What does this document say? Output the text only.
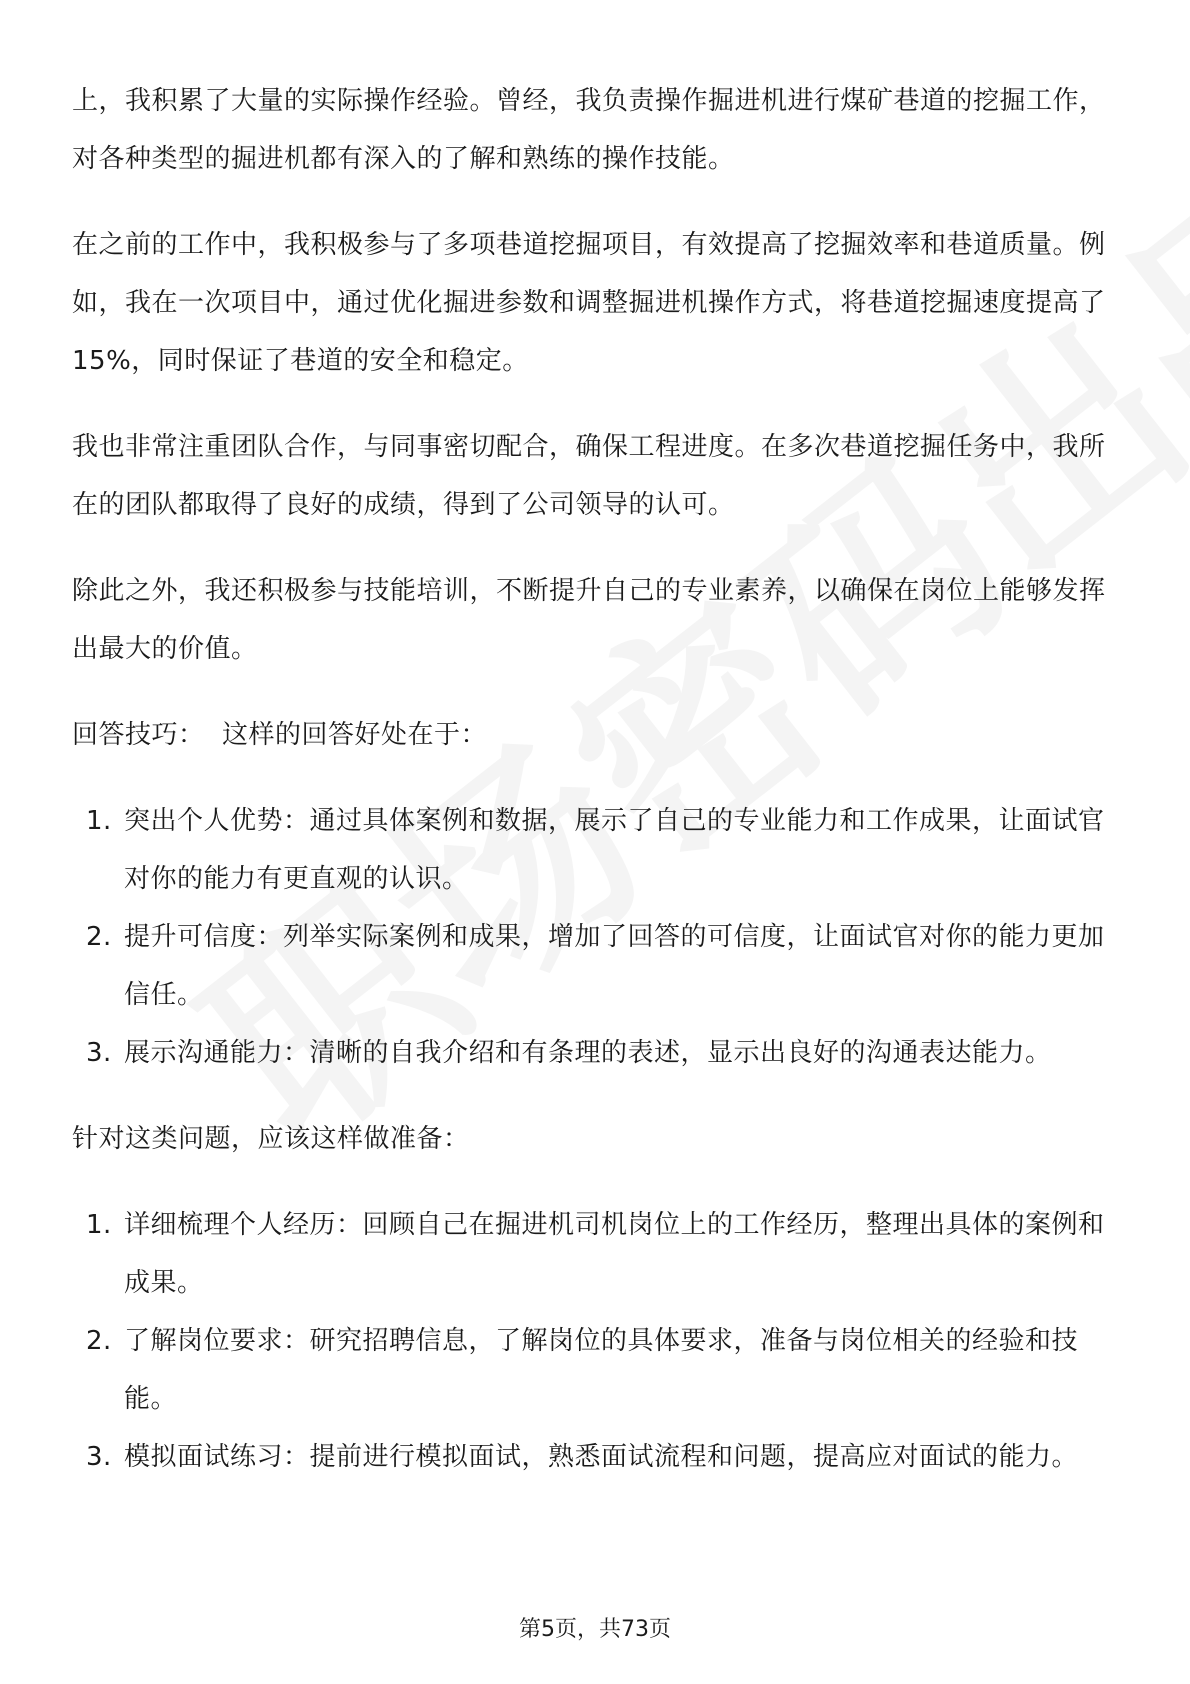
上，我积累了大量的实际操作经验。曾经，我负责操作掘进机进行煤矿巷道的挖掘工作，对各种类型的掘进机都有深入的了解和熟练的操作技能。

在之前的工作中，我积极参与了多项巷道挖掘项目，有效提高了挖掘效率和巷道质量。例如，我在一次项目中，通过优化掘进参数和调整掘进机操作方式，将巷道挖掘速度提高了15%，同时保证了巷道的安全和稳定。

我也非常注重团队合作，与同事密切配合，确保工程进度。在多次巷道挖掘任务中，我所在的团队都取得了良好的成绩，得到了公司领导的认可。

除此之外，我还积极参与技能培训，不断提升自己的专业素养，以确保在岗位上能够发挥出最大的价值。

回答技巧：  这样的回答好处在于：

1. 突出个人优势：通过具体案例和数据，展示了自己的专业能力和工作成果，让面试官对你的能力有更直观的认识。
2. 提升可信度：列举实际案例和成果，增加了回答的可信度，让面试官对你的能力更加信任。
3. 展示沟通能力：清晰的自我介绍和有条理的表述，显示出良好的沟通表达能力。

针对这类问题，应该这样做准备：

1. 详细梳理个人经历：回顾自己在掘进机司机岗位上的工作经历，整理出具体的案例和成果。
2. 了解岗位要求：研究招聘信息，了解岗位的具体要求，准备与岗位相关的经验和技能。
3. 模拟面试练习：提前进行模拟面试，熟悉面试流程和问题，提高应对面试的能力。
第5页，共73页
